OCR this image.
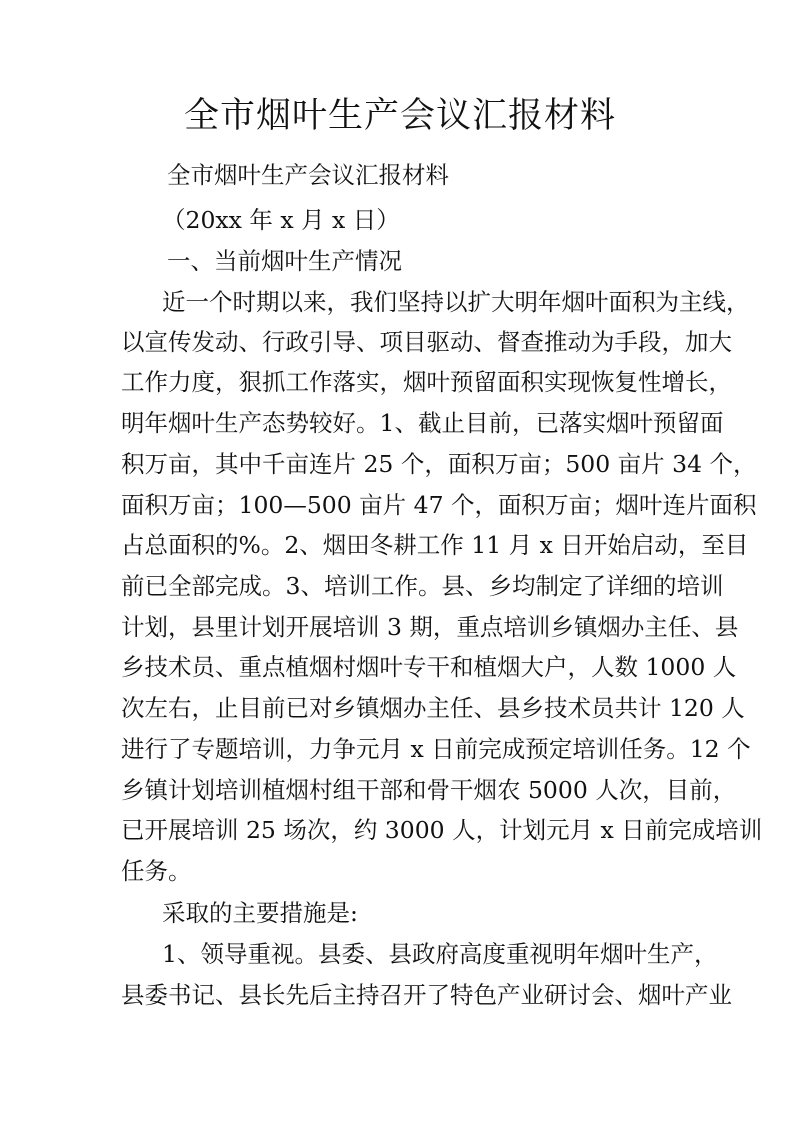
全市烟叶生产会议汇报材料

全市烟叶生产会议汇报材料

（20xx 年 x 月 x 日）

一、当前烟叶生产情况

近一个时期以来，我们坚持以扩大明年烟叶面积为主线，

以宣传发动、行政引导、项目驱动、督查推动为手段，加大

工作力度，狠抓工作落实，烟叶预留面积实现恢复性增长，

明年烟叶生产态势较好。1、截止目前，已落实烟叶预留面

积万亩，其中千亩连片 25 个，面积万亩；500 亩片 34 个，

面积万亩；100—500 亩片 47 个，面积万亩；烟叶连片面积

占总面积的%。2、烟田冬耕工作 11 月 x 日开始启动，至目

前已全部完成。3、培训工作。县、乡均制定了详细的培训

计划，县里计划开展培训 3 期，重点培训乡镇烟办主任、县

乡技术员、重点植烟村烟叶专干和植烟大户，人数 1000 人

次左右，止目前已对乡镇烟办主任、县乡技术员共计 120 人

进行了专题培训，力争元月 x 日前完成预定培训任务。12 个

乡镇计划培训植烟村组干部和骨干烟农 5000 人次，目前，

已开展培训 25 场次，约 3000 人，计划元月 x 日前完成培训

任务。

采取的主要措施是:

1、领导重视。县委、县政府高度重视明年烟叶生产，

县委书记、县长先后主持召开了特色产业研讨会、烟叶产业
